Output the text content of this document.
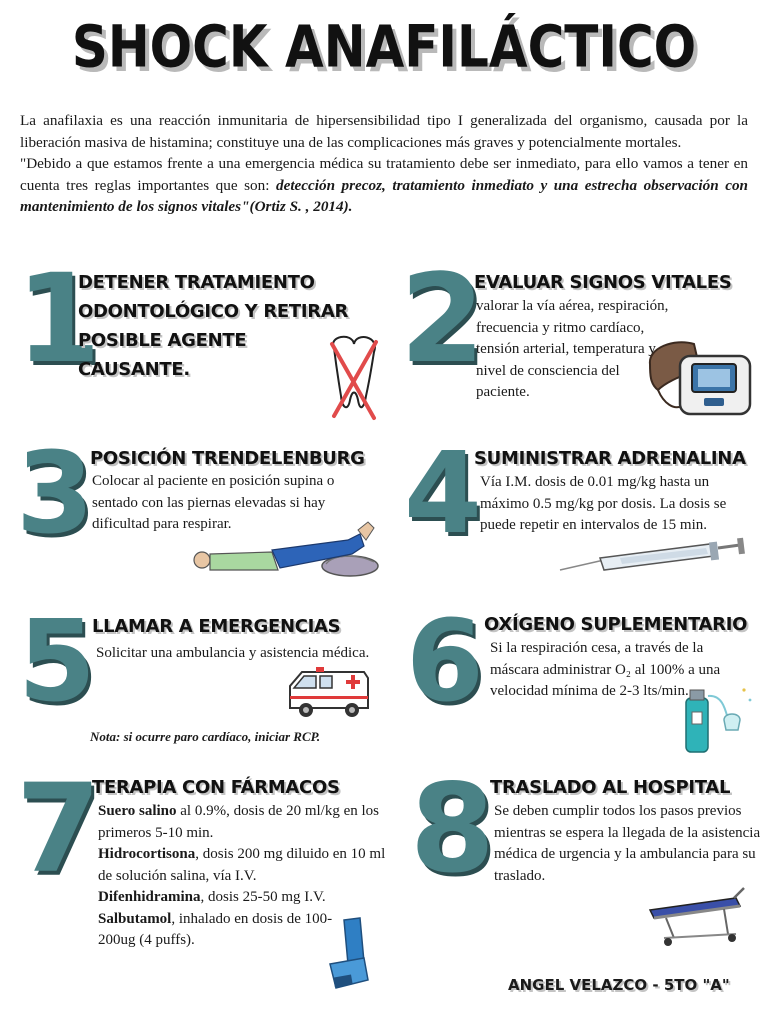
SHOCK ANAFILÁCTICO

La anafilaxia es una reacción inmunitaria de hipersensibilidad tipo I generalizada del organismo, causada por la liberación masiva de histamina; constituye una de las complicaciones más graves y potencialmente mortales.

"Debido a que estamos frente a una emergencia médica su tratamiento debe ser inmediato, para ello vamos a tener en cuenta tres reglas importantes que son: detección precoz, tratamiento inmediato y una estrecha observación con mantenimiento de los signos vitales"(Ortiz S. , 2014).

1
DETENER TRATAMIENTO ODONTOLÓGICO Y RETIRAR POSIBLE AGENTE CAUSANTE.	2
EVALUAR SIGNOS VITALES
valorar la vía aérea, respiración, frecuencia y ritmo cardíaco, tensión arterial, temperatura y nivel de consciencia del paciente.
3
POSICIÓN TRENDELENBURG
Colocar al paciente en posición supina o sentado con las piernas elevadas si hay dificultad para respirar.	4
SUMINISTRAR ADRENALINA
Vía I.M. dosis de 0.01 mg/kg hasta un máximo 0.5 mg/kg por dosis. La dosis se puede repetir en intervalos de 15 min.
5
LLAMAR A EMERGENCIAS
Solicitar una ambulancia y asistencia médica.
Nota: si ocurre paro cardíaco, iniciar RCP.
6 OXÍGENO SUPLEMENTARIO
Si la respiración cesa, a través de la máscara administrar O₂ al 100% a una velocidad mínima de 2-3 lts/min.
7
TERAPIA CON FÁRMACOS
Suero salino al 0.9%, dosis de 20 ml/kg en los primeros 5-10 min.
Hidrocortisona, dosis 200 mg diluido en 10 ml de solución salina, vía I.V.
Difenhidramina, dosis 25-50 mg I.V.
Salbutamol, inhalado en dosis de 100-200ug (4 puffs).
8
TRASLADO AL HOSPITAL
Se deben cumplir todos los pasos previos mientras se espera la llegada de la asistencia médica de urgencia y la ambulancia para su traslado.
ANGEL VELAZCO - 5TO "A"
